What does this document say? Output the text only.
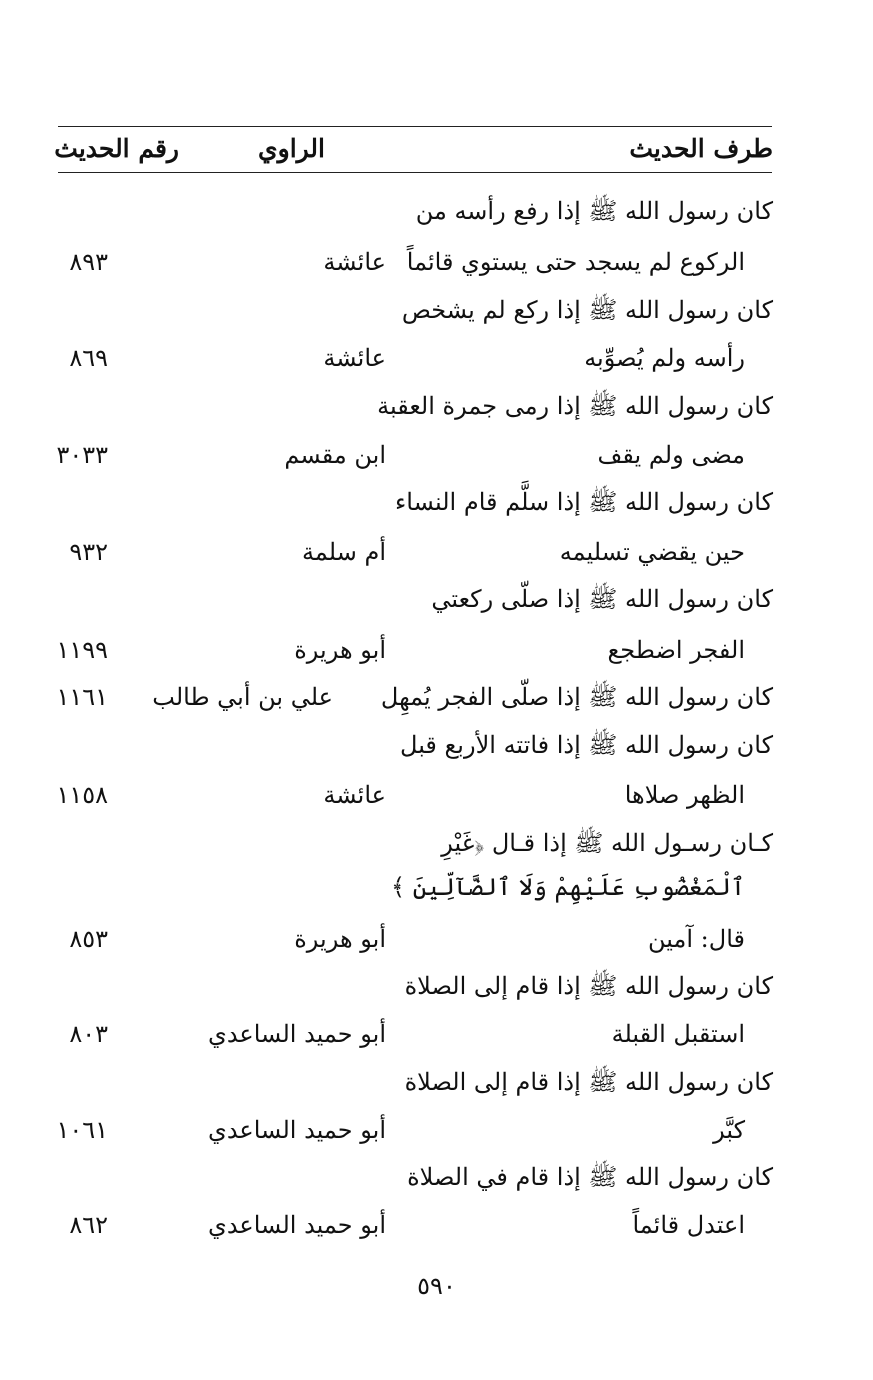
طرف الحديث
الراوي
رقم الحديث
كان رسول الله ﷺ إذا رفع رأسه من
الركوع لم يسجد حتى يستوي قائماً
عائشة
٨٩٣
كان رسول الله ﷺ إذا ركع لم يشخص
رأسه ولم يُصوِّبه
عائشة
٨٦٩
كان رسول الله ﷺ إذا رمى جمرة العقبة
مضى ولم يقف
ابن مقسم
٣٠٣٣
كان رسول الله ﷺ إذا سلَّم قام النساء
حين يقضي تسليمه
أم سلمة
٩٣٢
كان رسول الله ﷺ إذا صلّى ركعتي
الفجر اضطجع
أبو هريرة
١١٩٩
كان رسول الله ﷺ إذا صلّى الفجر يُمهِل
علي بن أبي طالب
١١٦١
كان رسول الله ﷺ إذا فاتته الأربع قبل
الظهر صلاها
عائشة
١١٥٨
كـان رسـول الله ﷺ إذا قـال ﴿غَيْرِ
ٱلْمَغْضُوبِ عَلَيْهِمْ وَلَا ٱلضَّآلِّينَ ﴾
قال: آمين
أبو هريرة
٨٥٣
كان رسول الله ﷺ إذا قام إلى الصلاة
استقبل القبلة
أبو حميد الساعدي
٨٠٣
كان رسول الله ﷺ إذا قام إلى الصلاة
كبَّر
أبو حميد الساعدي
١٠٦١
كان رسول الله ﷺ إذا قام في الصلاة
اعتدل قائماً
أبو حميد الساعدي
٨٦٢
٥٩٠
